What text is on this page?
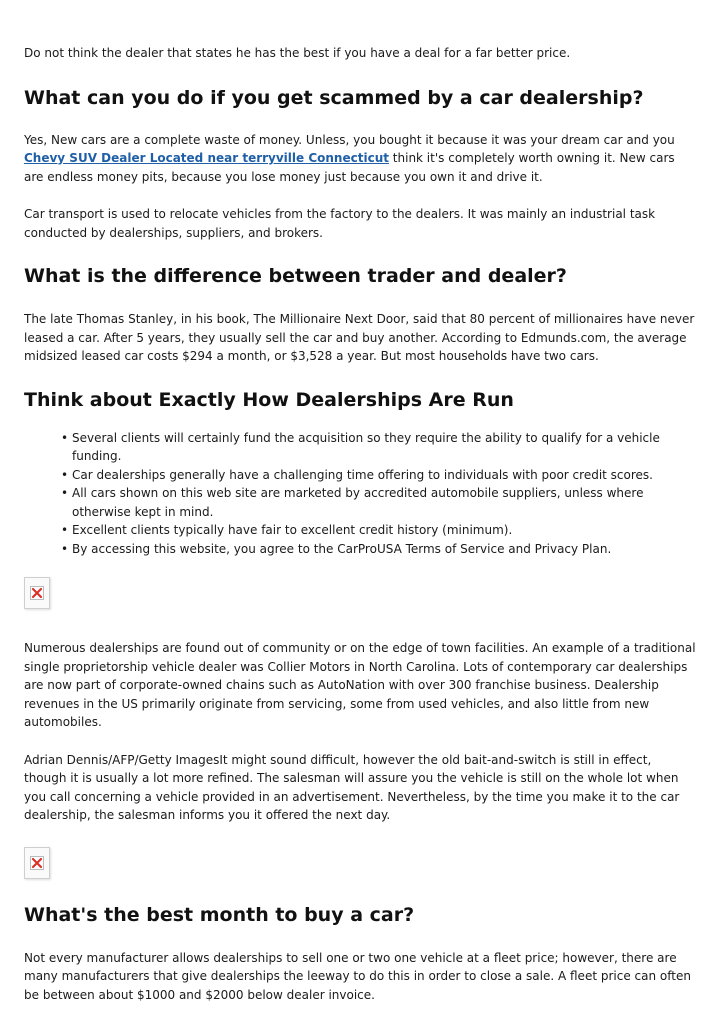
Do not think the dealer that states he has the best if you have a deal for a far better price.

What can you do if you get scammed by a car dealership?

Yes, New cars are a complete waste of money. Unless, you bought it because it was your dream car and you Chevy SUV Dealer Located near terryville Connecticut think it's completely worth owning it. New cars are endless money pits, because you lose money just because you own it and drive it.

Car transport is used to relocate vehicles from the factory to the dealers. It was mainly an industrial task conducted by dealerships, suppliers, and brokers.

What is the difference between trader and dealer?

The late Thomas Stanley, in his book, The Millionaire Next Door, said that 80 percent of millionaires have never leased a car. After 5 years, they usually sell the car and buy another. According to Edmunds.com, the average midsized leased car costs $294 a month, or $3,528 a year. But most households have two cars.

Think about Exactly How Dealerships Are Run
• Several clients will certainly fund the acquisition so they require the ability to qualify for a vehicle funding.
• Car dealerships generally have a challenging time offering to individuals with poor credit scores.
• All cars shown on this web site are marketed by accredited automobile suppliers, unless where otherwise kept in mind.
• Excellent clients typically have fair to excellent credit history (minimum).
• By accessing this website, you agree to the CarProUSA Terms of Service and Privacy Plan.

Numerous dealerships are found out of community or on the edge of town facilities. An example of a traditional single proprietorship vehicle dealer was Collier Motors in North Carolina. Lots of contemporary car dealerships are now part of corporate-owned chains such as AutoNation with over 300 franchise business. Dealership revenues in the US primarily originate from servicing, some from used vehicles, and also little from new automobiles.

Adrian Dennis/AFP/Getty ImagesIt might sound difficult, however the old bait-and-switch is still in effect, though it is usually a lot more refined. The salesman will assure you the vehicle is still on the whole lot when you call concerning a vehicle provided in an advertisement. Nevertheless, by the time you make it to the car dealership, the salesman informs you it offered the next day.

What's the best month to buy a car?

Not every manufacturer allows dealerships to sell one or two one vehicle at a fleet price; however, there are many manufacturers that give dealerships the leeway to do this in order to close a sale. A fleet price can often be between about $1000 and $2000 below dealer invoice.
